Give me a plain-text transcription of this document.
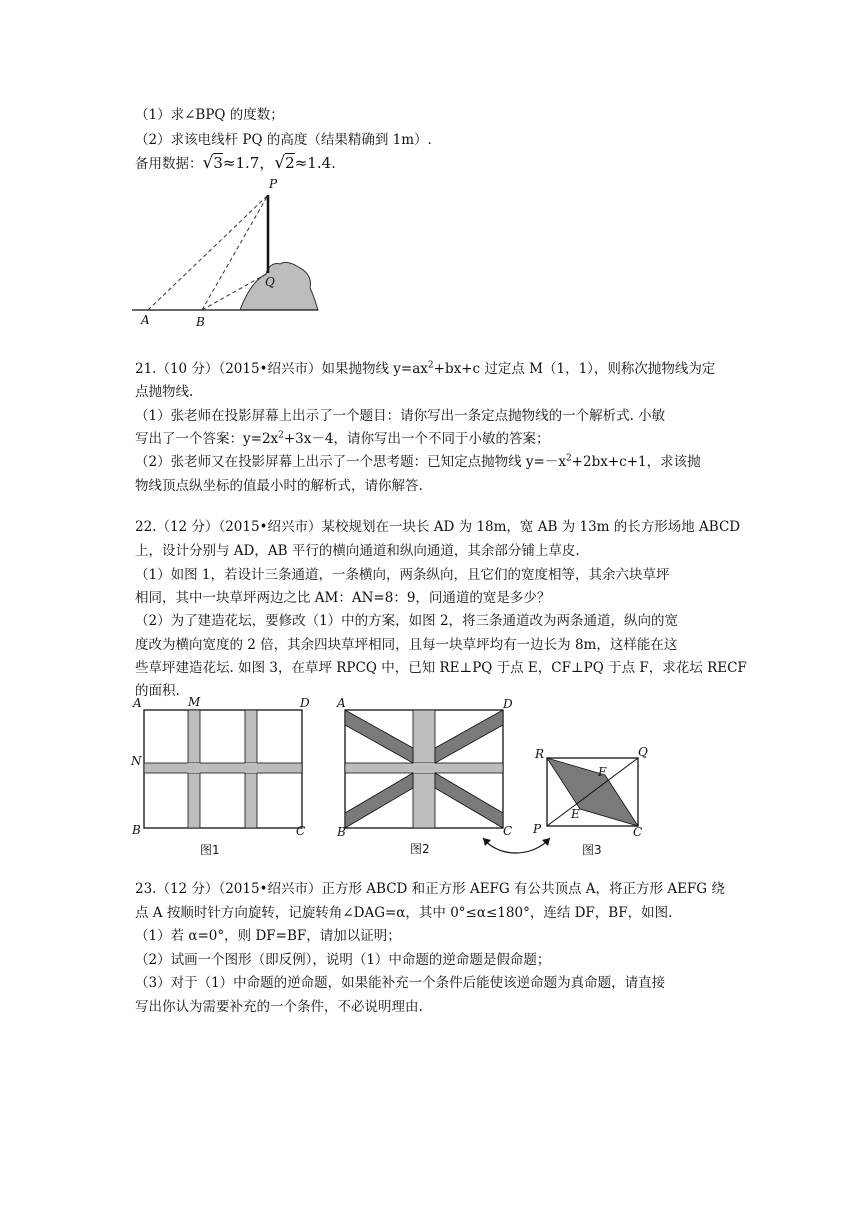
（1）求∠BPQ 的度数；
（2）求该电线杆 PQ 的高度（结果精确到 1m）.
备用数据：√3≈1.7，√2≈1.4.
P
Q
A	B
21.（10 分）（2015•绍兴市）如果抛物线 $y=ax^2+bx+c$ 过定点 M（1，1），则称次抛物线为定
点抛物线.
（1）张老师在投影屏幕上出示了一个题目：请你写出一条定点抛物线的一个解析式. 小敏
写出了一个答案：$y=2x^2+3x-4$，请你写出一个不同于小敏的答案；
（2）张老师又在投影屏幕上出示了一个思考题：已知定点抛物线 $y=-x^2+2bx+c+1$，求该抛
物线顶点纵坐标的值最小时的解析式，请你解答.
22.（12 分）（2015•绍兴市）某校规划在一块长 AD 为 18m，宽 AB 为 13m 的长方形场地 ABCD
上，设计分别与 AD，AB 平行的横向通道和纵向通道，其余部分铺上草皮.
（1）如图 1，若设计三条通道，一条横向，两条纵向，且它们的宽度相等，其余六块草坪
相同，其中一块草坪两边之比 AM：AN=8：9，问通道的宽是多少？
（2）为了建造花坛，要修改（1）中的方案，如图 2，将三条通道改为两条通道，纵向的宽
度改为横向宽度的 2 倍，其余四块草坪相同，且每一块草坪均有一边长为 8m，这样能在这
些草坪建造花坛. 如图 3，在草坪 RPCQ 中，已知 RE⊥PQ 于点 E，CF⊥PQ 于点 F，求花坛 RECF
的面积.
A	M	D
N
B	C
图1
A	D
B	C
图2
R	Q
F
E
P	C
图3
23.（12 分）（2015•绍兴市）正方形 ABCD 和正方形 AEFG 有公共顶点 A，将正方形 AEFG 绕
点 A 按顺时针方向旋转，记旋转角∠DAG=α，其中 0°≤α≤180°，连结 DF，BF，如图.
（1）若 α=0°，则 DF=BF，请加以证明；
（2）试画一个图形（即反例），说明（1）中命题的逆命题是假命题；
（3）对于（1）中命题的逆命题，如果能补充一个条件后能使该逆命题为真命题，请直接
写出你认为需要补充的一个条件，不必说明理由.
